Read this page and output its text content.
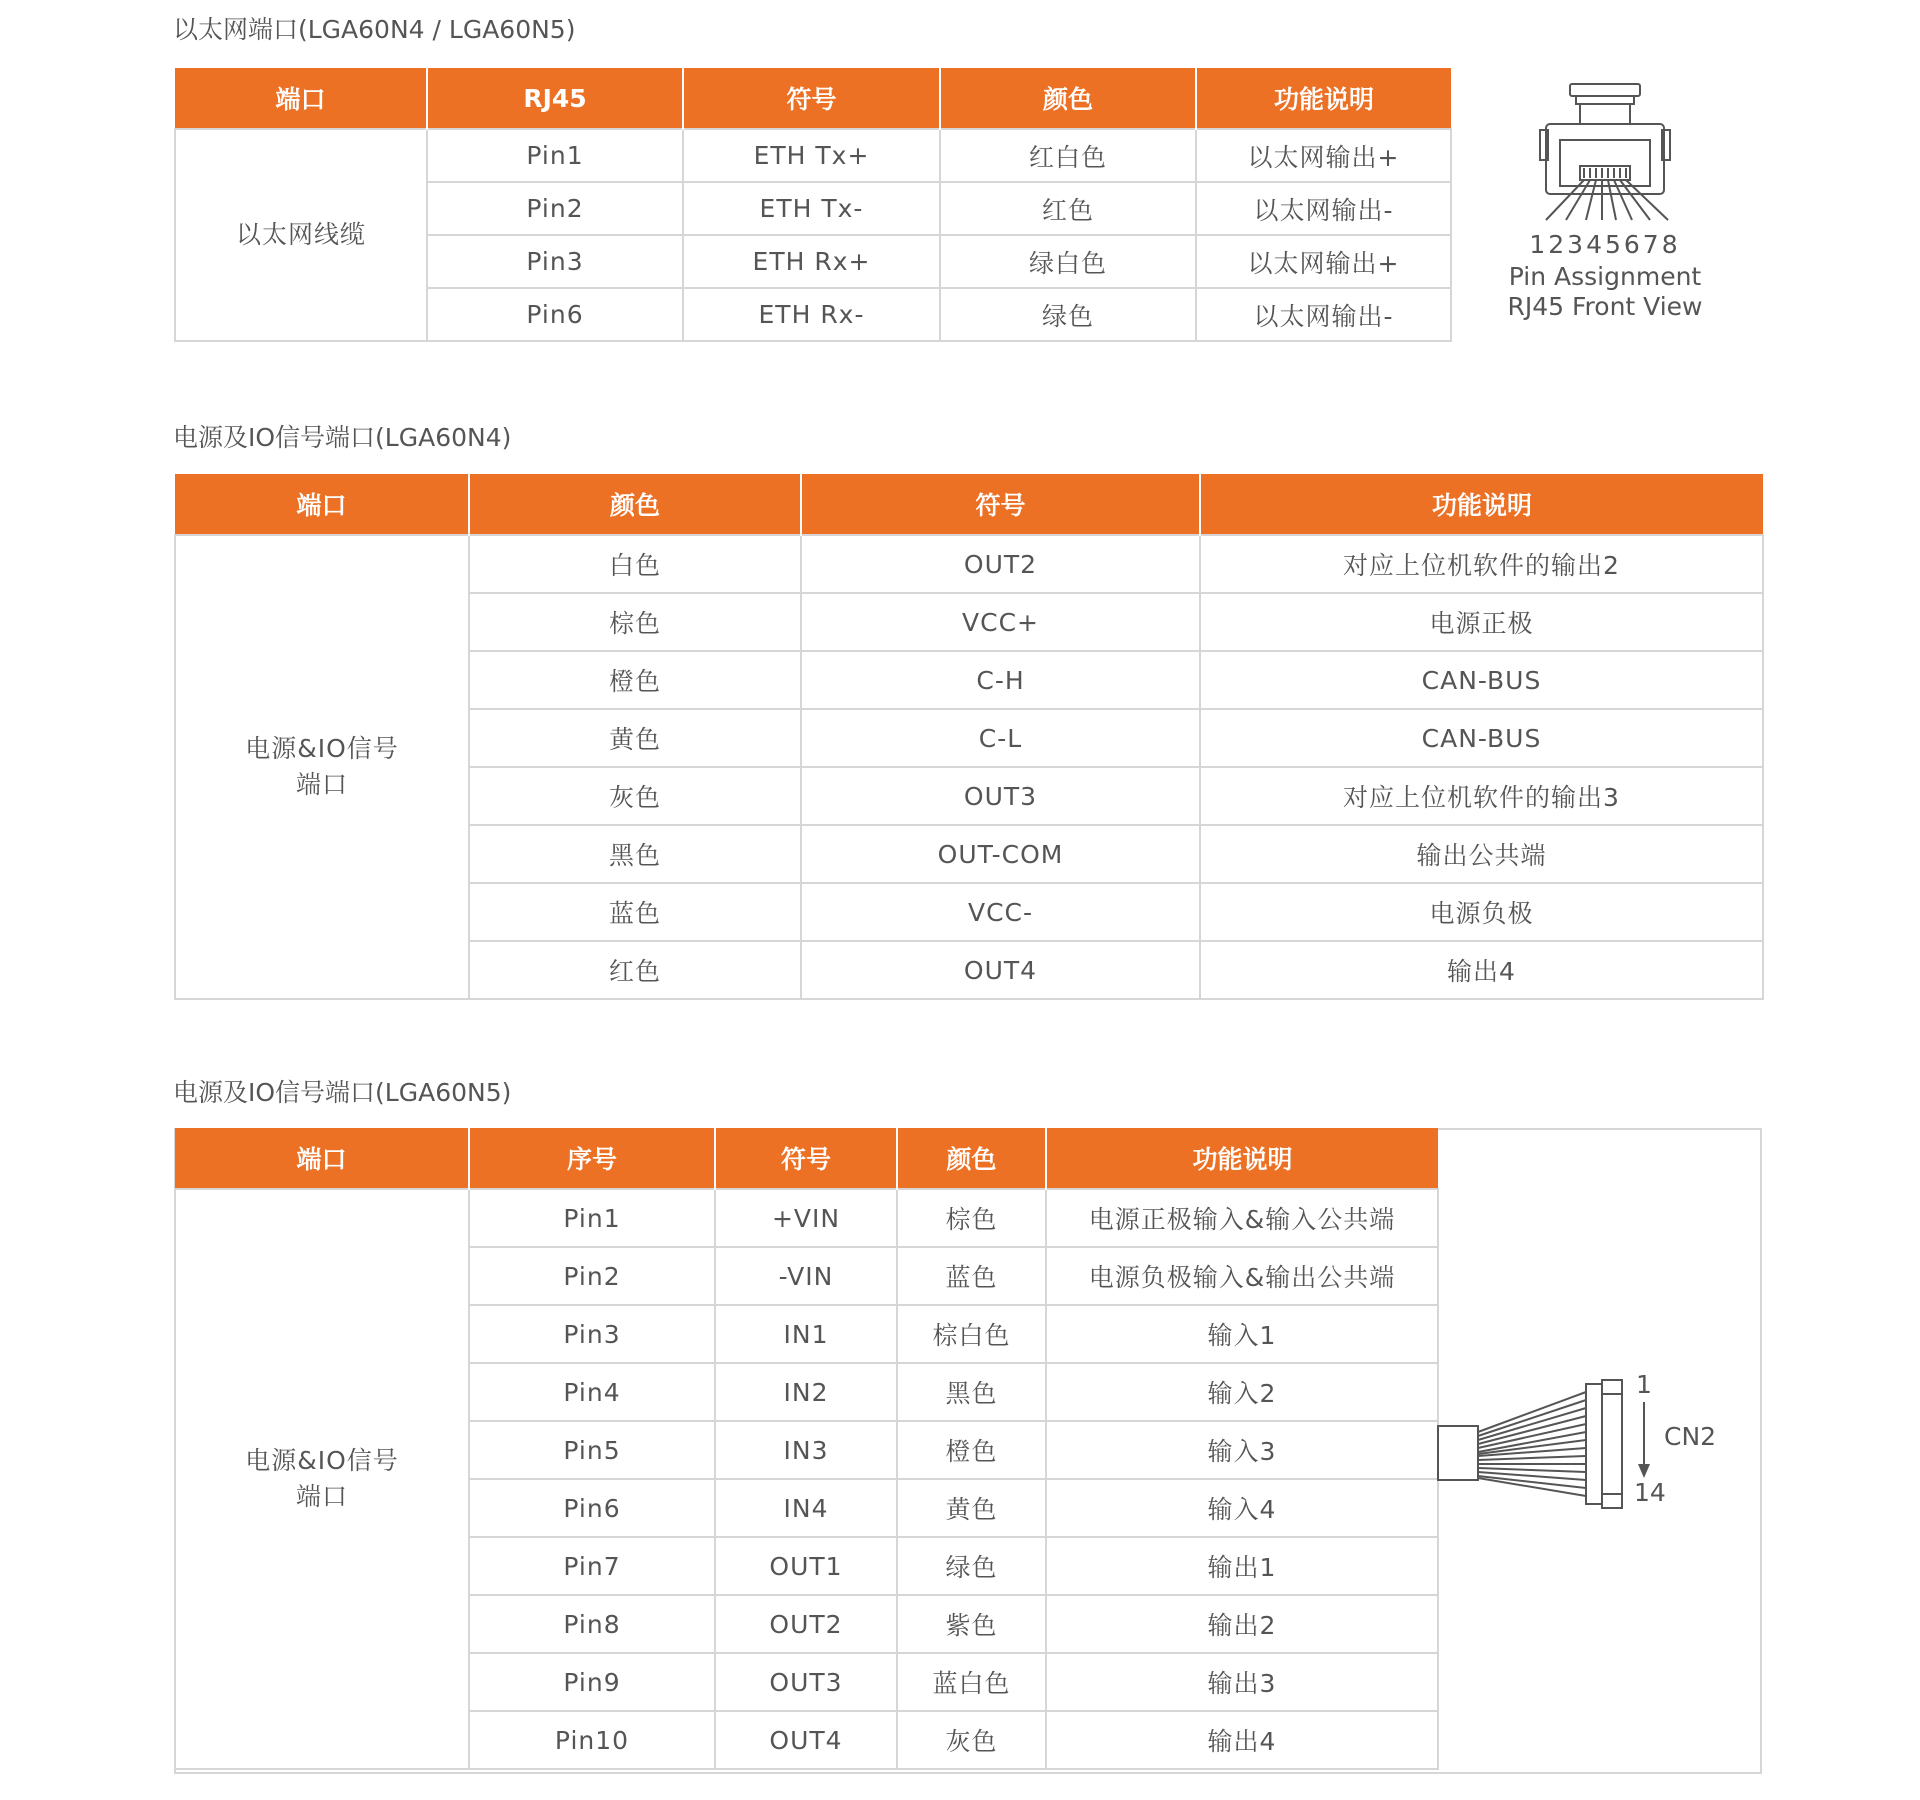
以太网端口(LGA60N4 / LGA60N5)
端口	RJ45	符号	颜色	功能说明
以太网线缆	Pin1	ETH Tx+	红白色	以太网输出+
	Pin2	ETH Tx-	红色	以太网输出-
	Pin3	ETH Rx+	绿白色	以太网输出+
	Pin6	ETH Rx-	绿色	以太网输出-
12345678
Pin Assignment
RJ45 Front View
电源及IO信号端口(LGA60N4)
端口	颜色	符号	功能说明

电源&IO信号
端口	白色	OUT2	对应上位机软件的输出2
	棕色	VCC+	电源正极
	橙色	C-H	CAN-BUS
	黄色	C-L	CAN-BUS
	灰色	OUT3	对应上位机软件的输出3
	黑色	OUT-COM	输出公共端
	蓝色	VCC-	电源负极
	红色	OUT4	输出4
电源及IO信号端口(LGA60N5)
端口	序号	符号	颜色	功能说明

电源&IO信号
端口	Pin1	+VIN	棕色	电源正极输入&输入公共端
	Pin2	-VIN	蓝色	电源负极输入&输出公共端
	Pin3	IN1	棕白色	输入1
	Pin4	IN2	黑色	输入2
	Pin5	IN3	橙色	输入3
	Pin6	IN4	黄色	输入4
	Pin7	OUT1	绿色	输出1
	Pin8	OUT2	紫色	输出2
	Pin9	OUT3	蓝白色	输出3
	Pin10	OUT4	灰色	输出4
1
CN2
14
